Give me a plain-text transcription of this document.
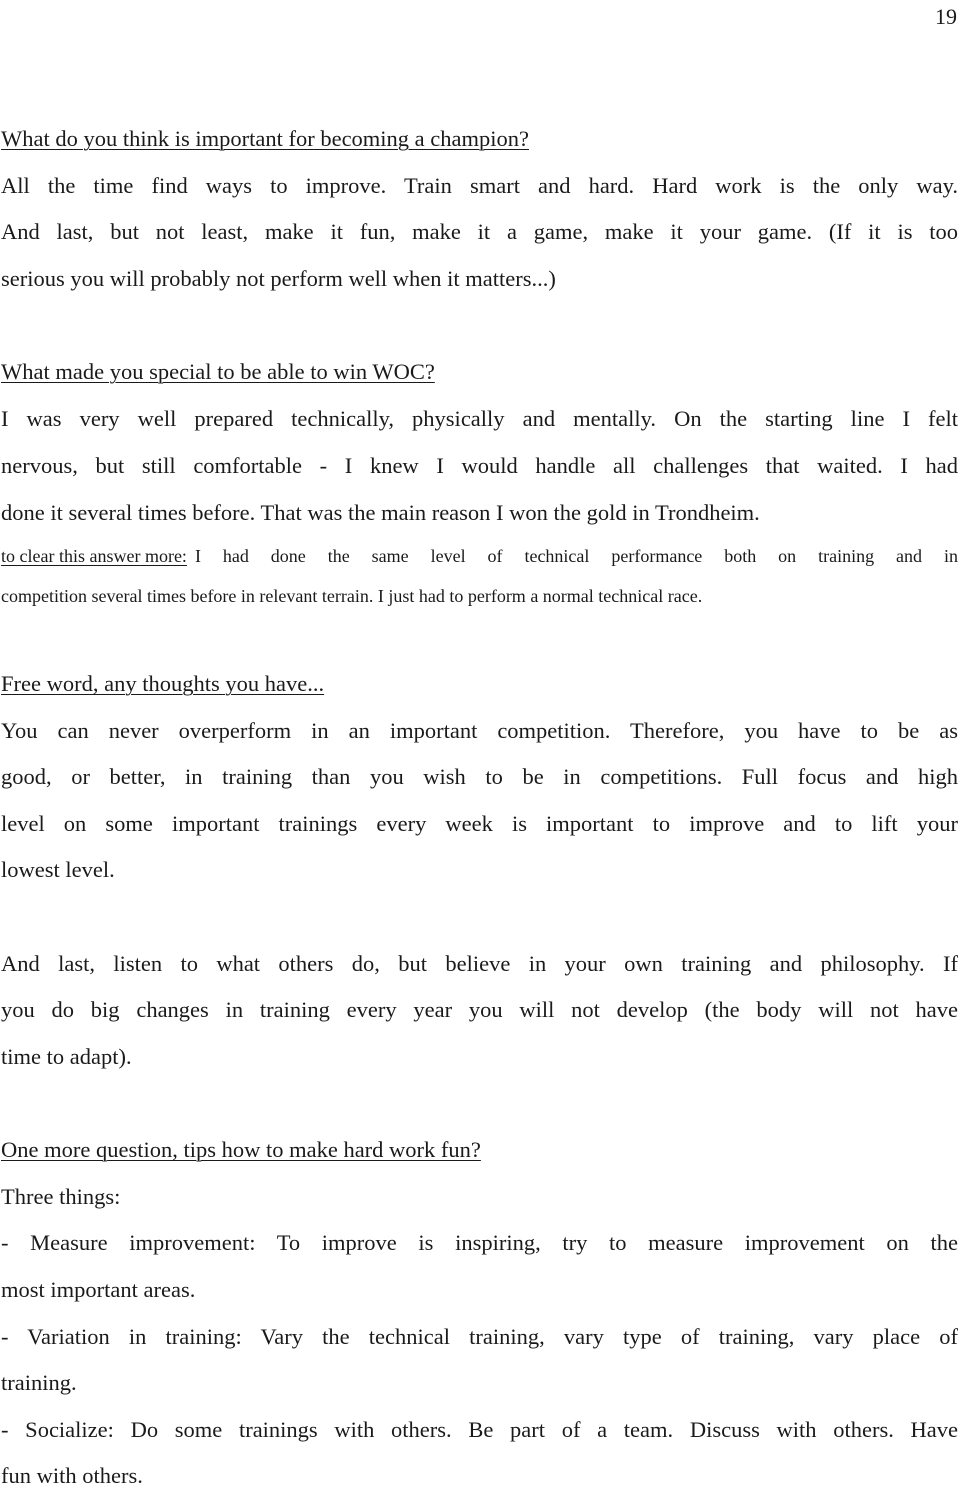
19
What do you think is important for becoming a champion?
All the time find ways to improve. Train smart and hard. Hard work is the only way.
And last, but not least, make it fun, make it a game, make it your game. (If it is too
serious you will probably not perform well when it matters...)
What made you special to be able to win WOC?
I was very well prepared technically, physically and mentally. On the starting line I felt
nervous, but still comfortable - I knew I would handle all challenges that waited. I had
done it several times before. That was the main reason I won the gold in Trondheim.
to clear this answer more: I had done the same level of technical performance both on training and in
competition several times before in relevant terrain. I just had to perform a normal technical race.
Free word, any thoughts you have...
You can never overperform in an important competition. Therefore, you have to be as
good, or better, in training than you wish to be in competitions. Full focus and high
level on some important trainings every week is important to improve and to lift your
lowest level.
And last, listen to what others do, but believe in your own training and philosophy. If
you do big changes in training every year you will not develop (the body will not have
time to adapt).
One more question, tips how to make hard work fun?
Three things:
- Measure improvement: To improve is inspiring, try to measure improvement on the
most important areas.
- Variation in training: Vary the technical training, vary type of training, vary place of
training.
- Socialize: Do some trainings with others. Be part of a team. Discuss with others. Have
fun with others.
